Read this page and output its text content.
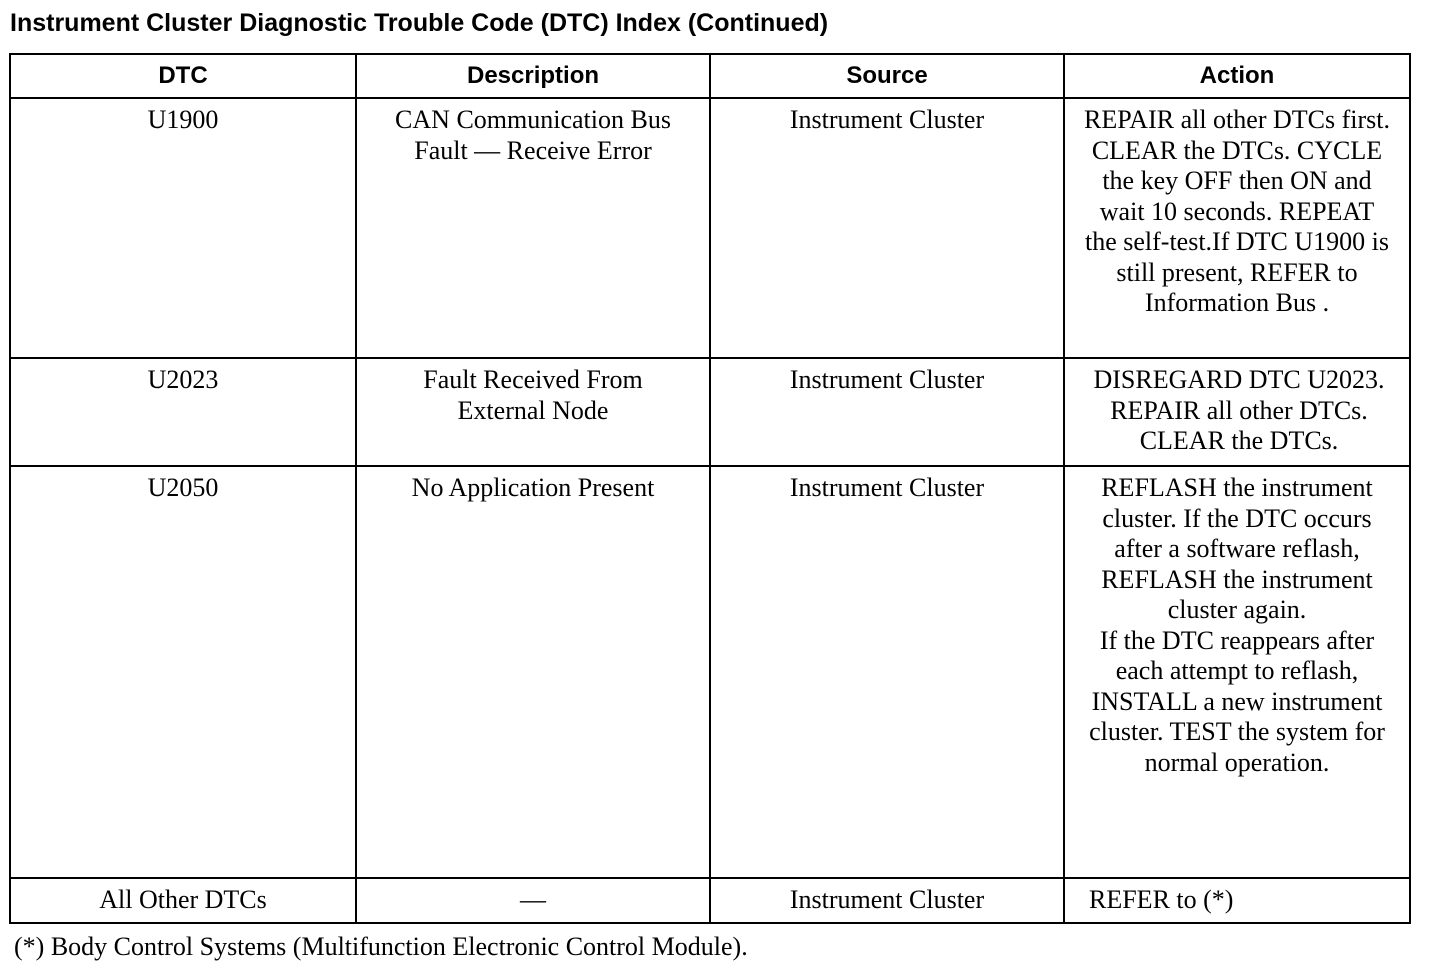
Instrument Cluster Diagnostic Trouble Code (DTC) Index (Continued)
DTC	Description	Source	Action
U1900	CAN Communication Bus Fault — Receive Error	Instrument Cluster	REPAIR all other DTCs first. CLEAR the DTCs. CYCLE the key OFF then ON and wait 10 seconds. REPEAT the self-test.If DTC U1900 is still present, REFER to Information Bus .
U2023	Fault Received From External Node	Instrument Cluster	DISREGARD DTC U2023. REPAIR all other DTCs. CLEAR the DTCs.
U2050	No Application Present	Instrument Cluster	REFLASH the instrument cluster. If the DTC occurs after a software reflash, REFLASH the instrument cluster again.
If the DTC reappears after each attempt to reflash, INSTALL a new instrument cluster. TEST the system for normal operation.
All Other DTCs	—	Instrument Cluster	REFER to (*)
(*) Body Control Systems (Multifunction Electronic Control Module).
